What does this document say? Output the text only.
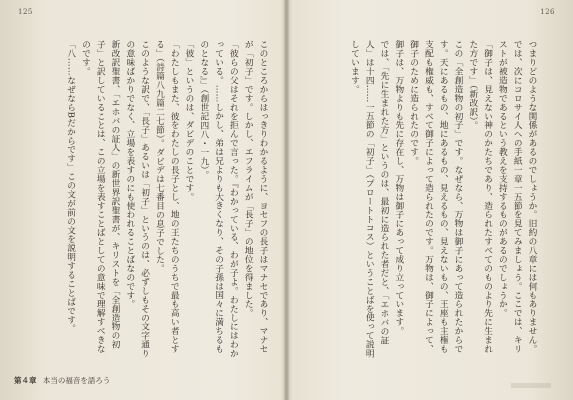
125
このところからはっきりわかるように、ヨセフの長子はマナセであり、マナセが「初子」です。しかし、エフライムが「長子」の地位を得ました。
「彼らの父はそれを拒んで言った。『わかっている、わが子よ。わたしにはわかっている。……しかし、弟は兄よりも大きくなり、その子孫は国々に満ちるものとなる』」（創世記四八・一九）。
「彼」というのは、ダビデのことです。
「わたしもまた、彼をわたしの長子とし、地の王たちのうちで最も高い者とする」（詩篇八九篇二七節）。ダビデは七番目の息子でした。
このような訳で、「長子」あるいは「初子」というのは、必ずしもその文字通りの意味ばかりでなく、立場を表すのにも使われることばなのです。
新改訳聖書、「エホバの証人」の新世界訳聖書が、キリストを「全創造物の初子」と訳していることは、この立場を表すことばとしての意味で理解すべきなのです。
「八……なぜならBだからです」この文が前の文を説明することばです。
第４章 本当の福音を語ろう
126
つまりどのような関係があるのでしょうか。旧約の八章には何もありません。
では、次にコロサイ人への手紙一章一五節を見てみましょう。ここでは、キリストが被造物であるという教えを支持するものがあるのでしょうか。
「御子は、見えない神のかたちであり、造られたすべてのものより先に生まれた方です」（新改訳）。
この「全創造物の初子」です。なぜなら、万物は御子にあって造られたからです。天にあるもの、地にあるもの、見えるもの、見えないもの、王座も主権も支配も権威も、すべて御子によって造られたのです。万物は、御子によって、御子のために造られたのです。
御子は、万物よりも先に存在し、万物は御子にあって成り立っています。
では、「先に生まれた方」というのは、最初に造られた者だと、「エホバの証人」は十四……一五節の「初子」（プロートトコス）ということばを使って説明しています。
